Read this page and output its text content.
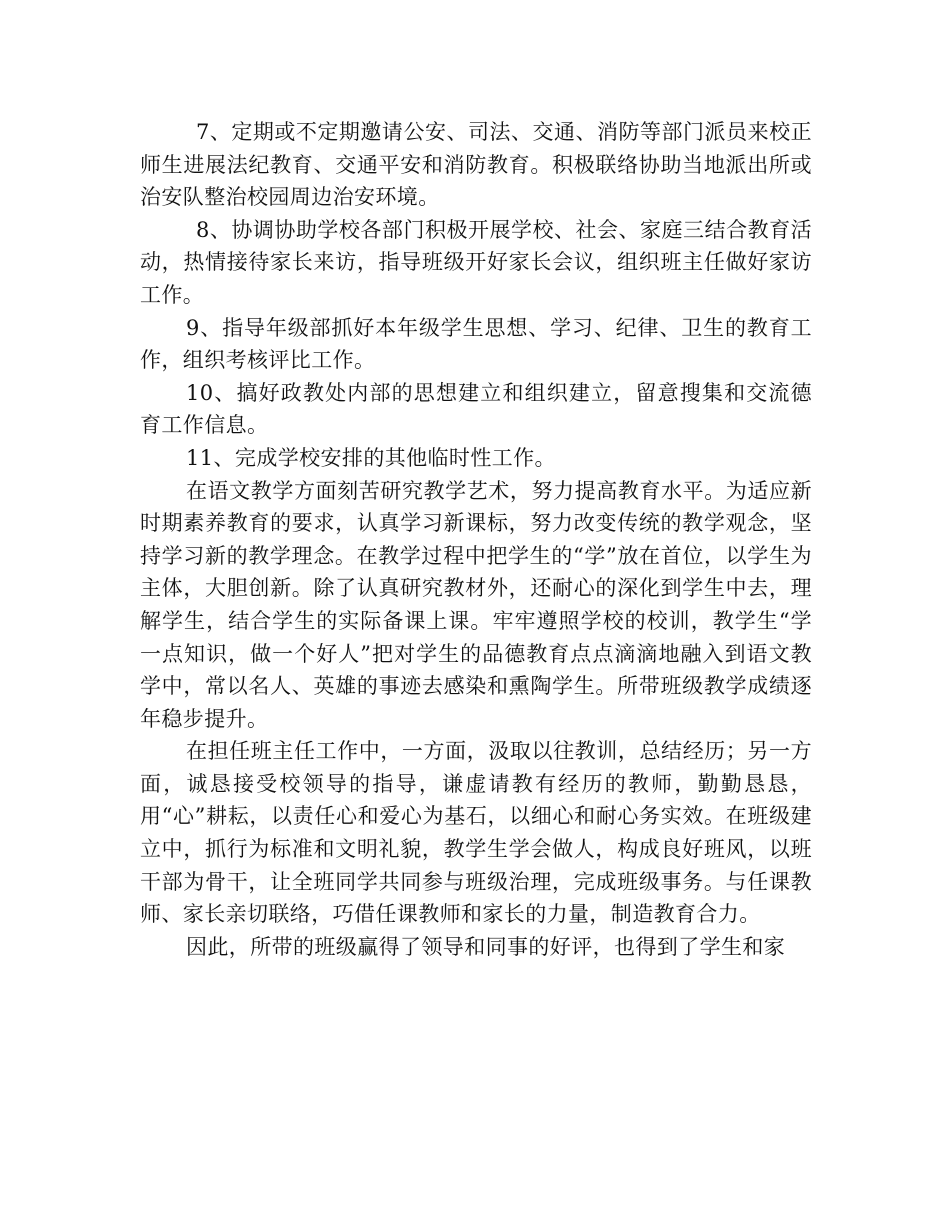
7、定期或不定期邀请公安、司法、交通、消防等部门派员来校正师生进展法纪教育、交通平安和消防教育。积极联络协助当地派出所或治安队整治校园周边治安环境。

8、协调协助学校各部门积极开展学校、社会、家庭三结合教育活动，热情接待家长来访，指导班级开好家长会议，组织班主任做好家访工作。

9、指导年级部抓好本年级学生思想、学习、纪律、卫生的教育工作，组织考核评比工作。

10、搞好政教处内部的思想建立和组织建立，留意搜集和交流德育工作信息。

11、完成学校安排的其他临时性工作。

在语文教学方面刻苦研究教学艺术，努力提高教育水平。为适应新时期素养教育的要求，认真学习新课标，努力改变传统的教学观念，坚持学习新的教学理念。在教学过程中把学生的“学”放在首位，以学生为主体，大胆创新。除了认真研究教材外，还耐心的深化到学生中去，理解学生，结合学生的实际备课上课。牢牢遵照学校的校训，教学生“学一点知识，做一个好人”把对学生的品德教育点点滴滴地融入到语文教学中，常以名人、英雄的事迹去感染和熏陶学生。所带班级教学成绩逐年稳步提升。

在担任班主任工作中，一方面，汲取以往教训，总结经历；另一方面，诚恳接受校领导的指导，谦虚请教有经历的教师，勤勤恳恳，用“心”耕耘，以责任心和爱心为基石，以细心和耐心务实效。在班级建立中，抓行为标准和文明礼貌，教学生学会做人，构成良好班风，以班干部为骨干，让全班同学共同参与班级治理，完成班级事务。与任课教师、家长亲切联络，巧借任课教师和家长的力量，制造教育合力。

因此，所带的班级赢得了领导和同事的好评，也得到了学生和家
